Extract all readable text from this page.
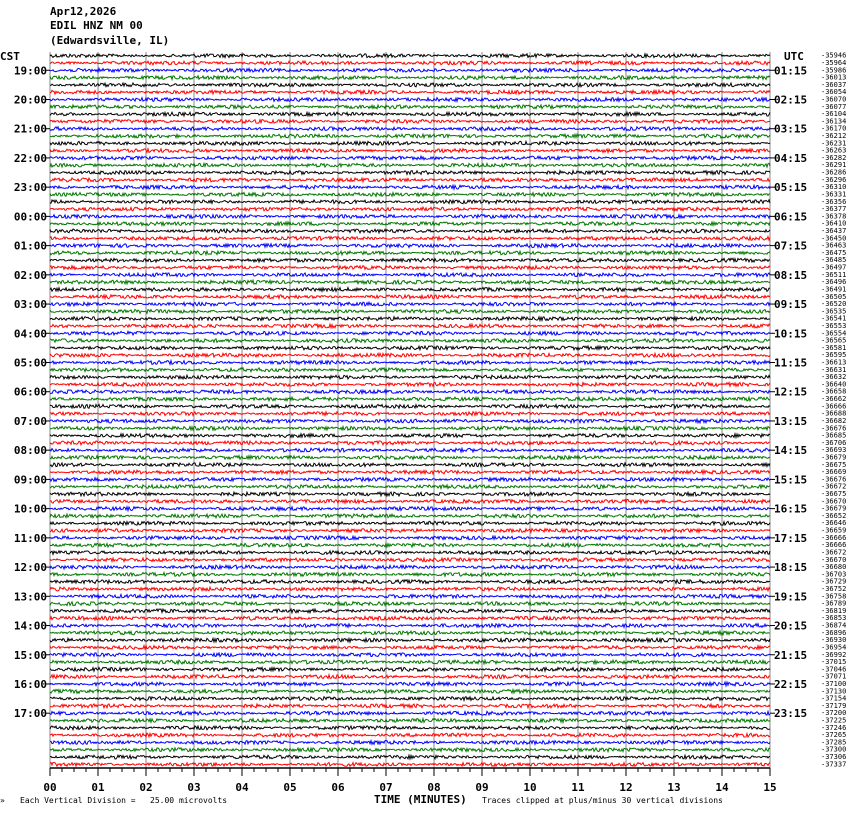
Apr12,2026
EDIL HNZ NM 00
(Edwardsville, IL)
-35946
-35964
-35986
-36013
-36037
-36054
-36070
-36077
-36104
-36134
-36170
-36212
-36231
-36263
-36282
-36291
-36286
-36296
-36310
-36331
-36356
-36377
-36378
-36410
-36437
-36450
-36463
-36475
-36485
-36497
-36511
-36496
-36491
-36505
-36520
-36535
-36541
-36553
-36554
-36565
-36581
-36595
-36613
-36631
-36632
-36640
-36658
-36662
-36666
-36688
-36682
-36676
-36685
-36706
-36693
-36679
-36675
-36669
-36676
-36672
-36675
-36670
-36679
-36652
-36646
-36659
-36666
-36666
-36672
-36670
-36680
-36703
-36729
-36752
-36758
-36789
-36819
-36853
-36874
-36896
-36930
-36954
-36992
-37015
-37046
-37071
-37100
-37130
-37154
-37179
-37200
-37225
-37246
-37265
-37285
-37300
-37306
-37337
19:00	01:15
20:00	02:15
21:00	03:15
22:00	04:15
23:00	05:15
00:00	06:15
01:00	07:15
02:00	08:15
03:00	09:15
04:00	10:15
05:00	11:15
06:00	12:15
07:00	13:15
08:00	14:15
09:00	15:15
10:00	16:15
11:00	17:15
12:00	18:15
13:00	19:15
14:00	20:15
15:00	21:15
16:00	22:15
17:00	23:15
CST	UTC
00	01	02	03	04	05	06	07	08	09	10	11	12	13	14	15
» Each Vertical Division =   25.00 microvolts	TIME (MINUTES) Traces clipped at plus/minus 30 vertical divisions
